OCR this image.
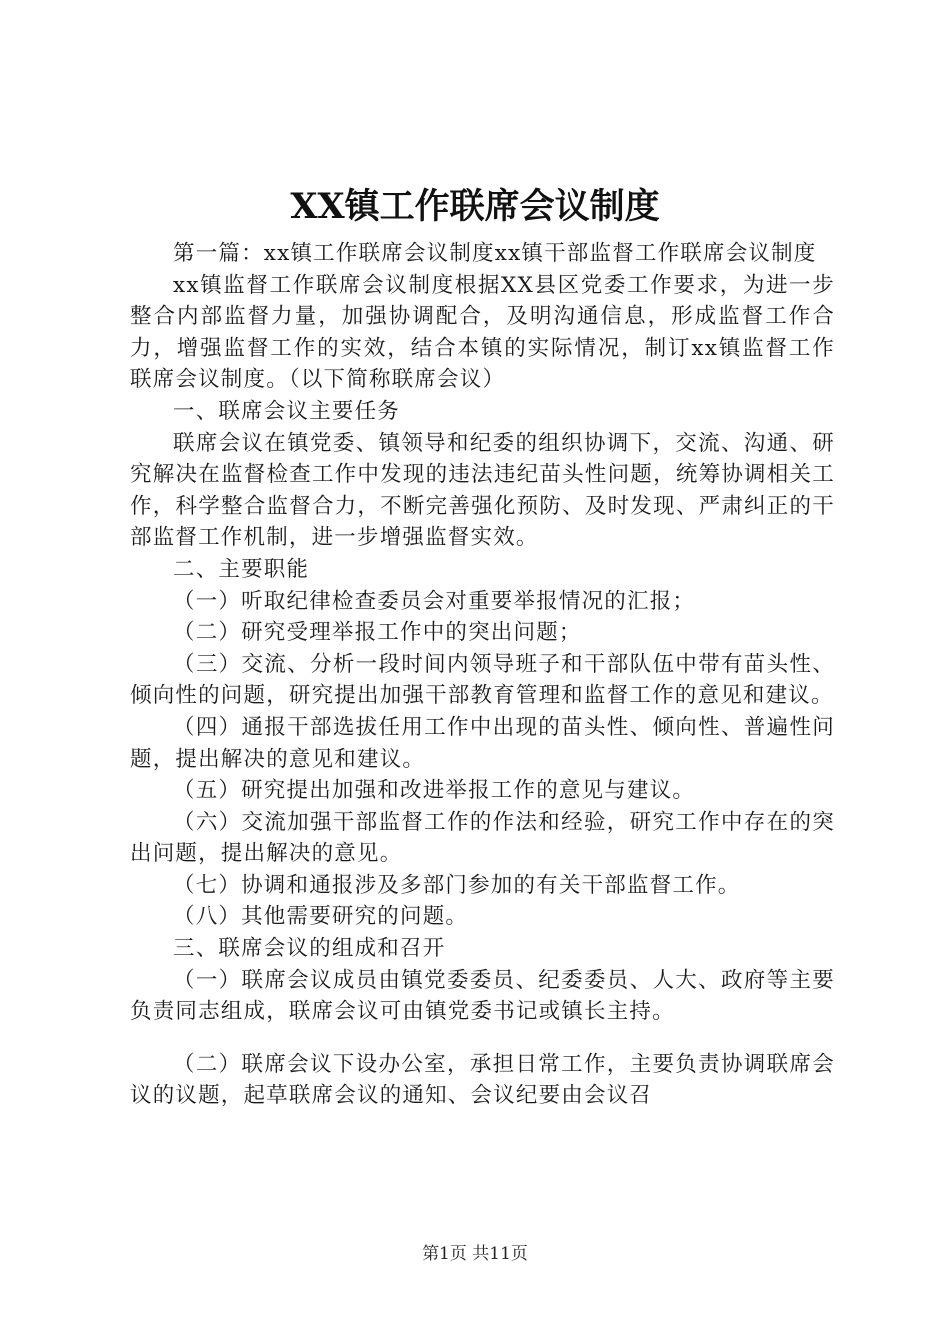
XX镇工作联席会议制度

第一篇：xx镇工作联席会议制度xx镇干部监督工作联席会议制度

xx镇监督工作联席会议制度根据XX县区党委工作要求，为进一步整合内部监督力量，加强协调配合，及明沟通信息，形成监督工作合力，增强监督工作的实效，结合本镇的实际情况，制订xx镇监督工作联席会议制度。（以下简称联席会议）

一、联席会议主要任务

联席会议在镇党委、镇领导和纪委的组织协调下，交流、沟通、研究解决在监督检查工作中发现的违法违纪苗头性问题，统筹协调相关工作，科学整合监督合力，不断完善强化预防、及时发现、严肃纠正的干部监督工作机制，进一步增强监督实效。

二、主要职能

（一）听取纪律检查委员会对重要举报情况的汇报；

（二）研究受理举报工作中的突出问题；

（三）交流、分析一段时间内领导班子和干部队伍中带有苗头性、倾向性的问题，研究提出加强干部教育管理和监督工作的意见和建议。

（四）通报干部选拔任用工作中出现的苗头性、倾向性、普遍性问题，提出解决的意见和建议。

（五）研究提出加强和改进举报工作的意见与建议。

（六）交流加强干部监督工作的作法和经验，研究工作中存在的突出问题，提出解决的意见。

（七）协调和通报涉及多部门参加的有关干部监督工作。

（八）其他需要研究的问题。

三、联席会议的组成和召开

（一）联席会议成员由镇党委委员、纪委委员、人大、政府等主要负责同志组成，联席会议可由镇党委书记或镇长主持。

（二）联席会议下设办公室，承担日常工作，主要负责协调联席会议的议题，起草联席会议的通知、会议纪要由会议召

第1页 共11页
